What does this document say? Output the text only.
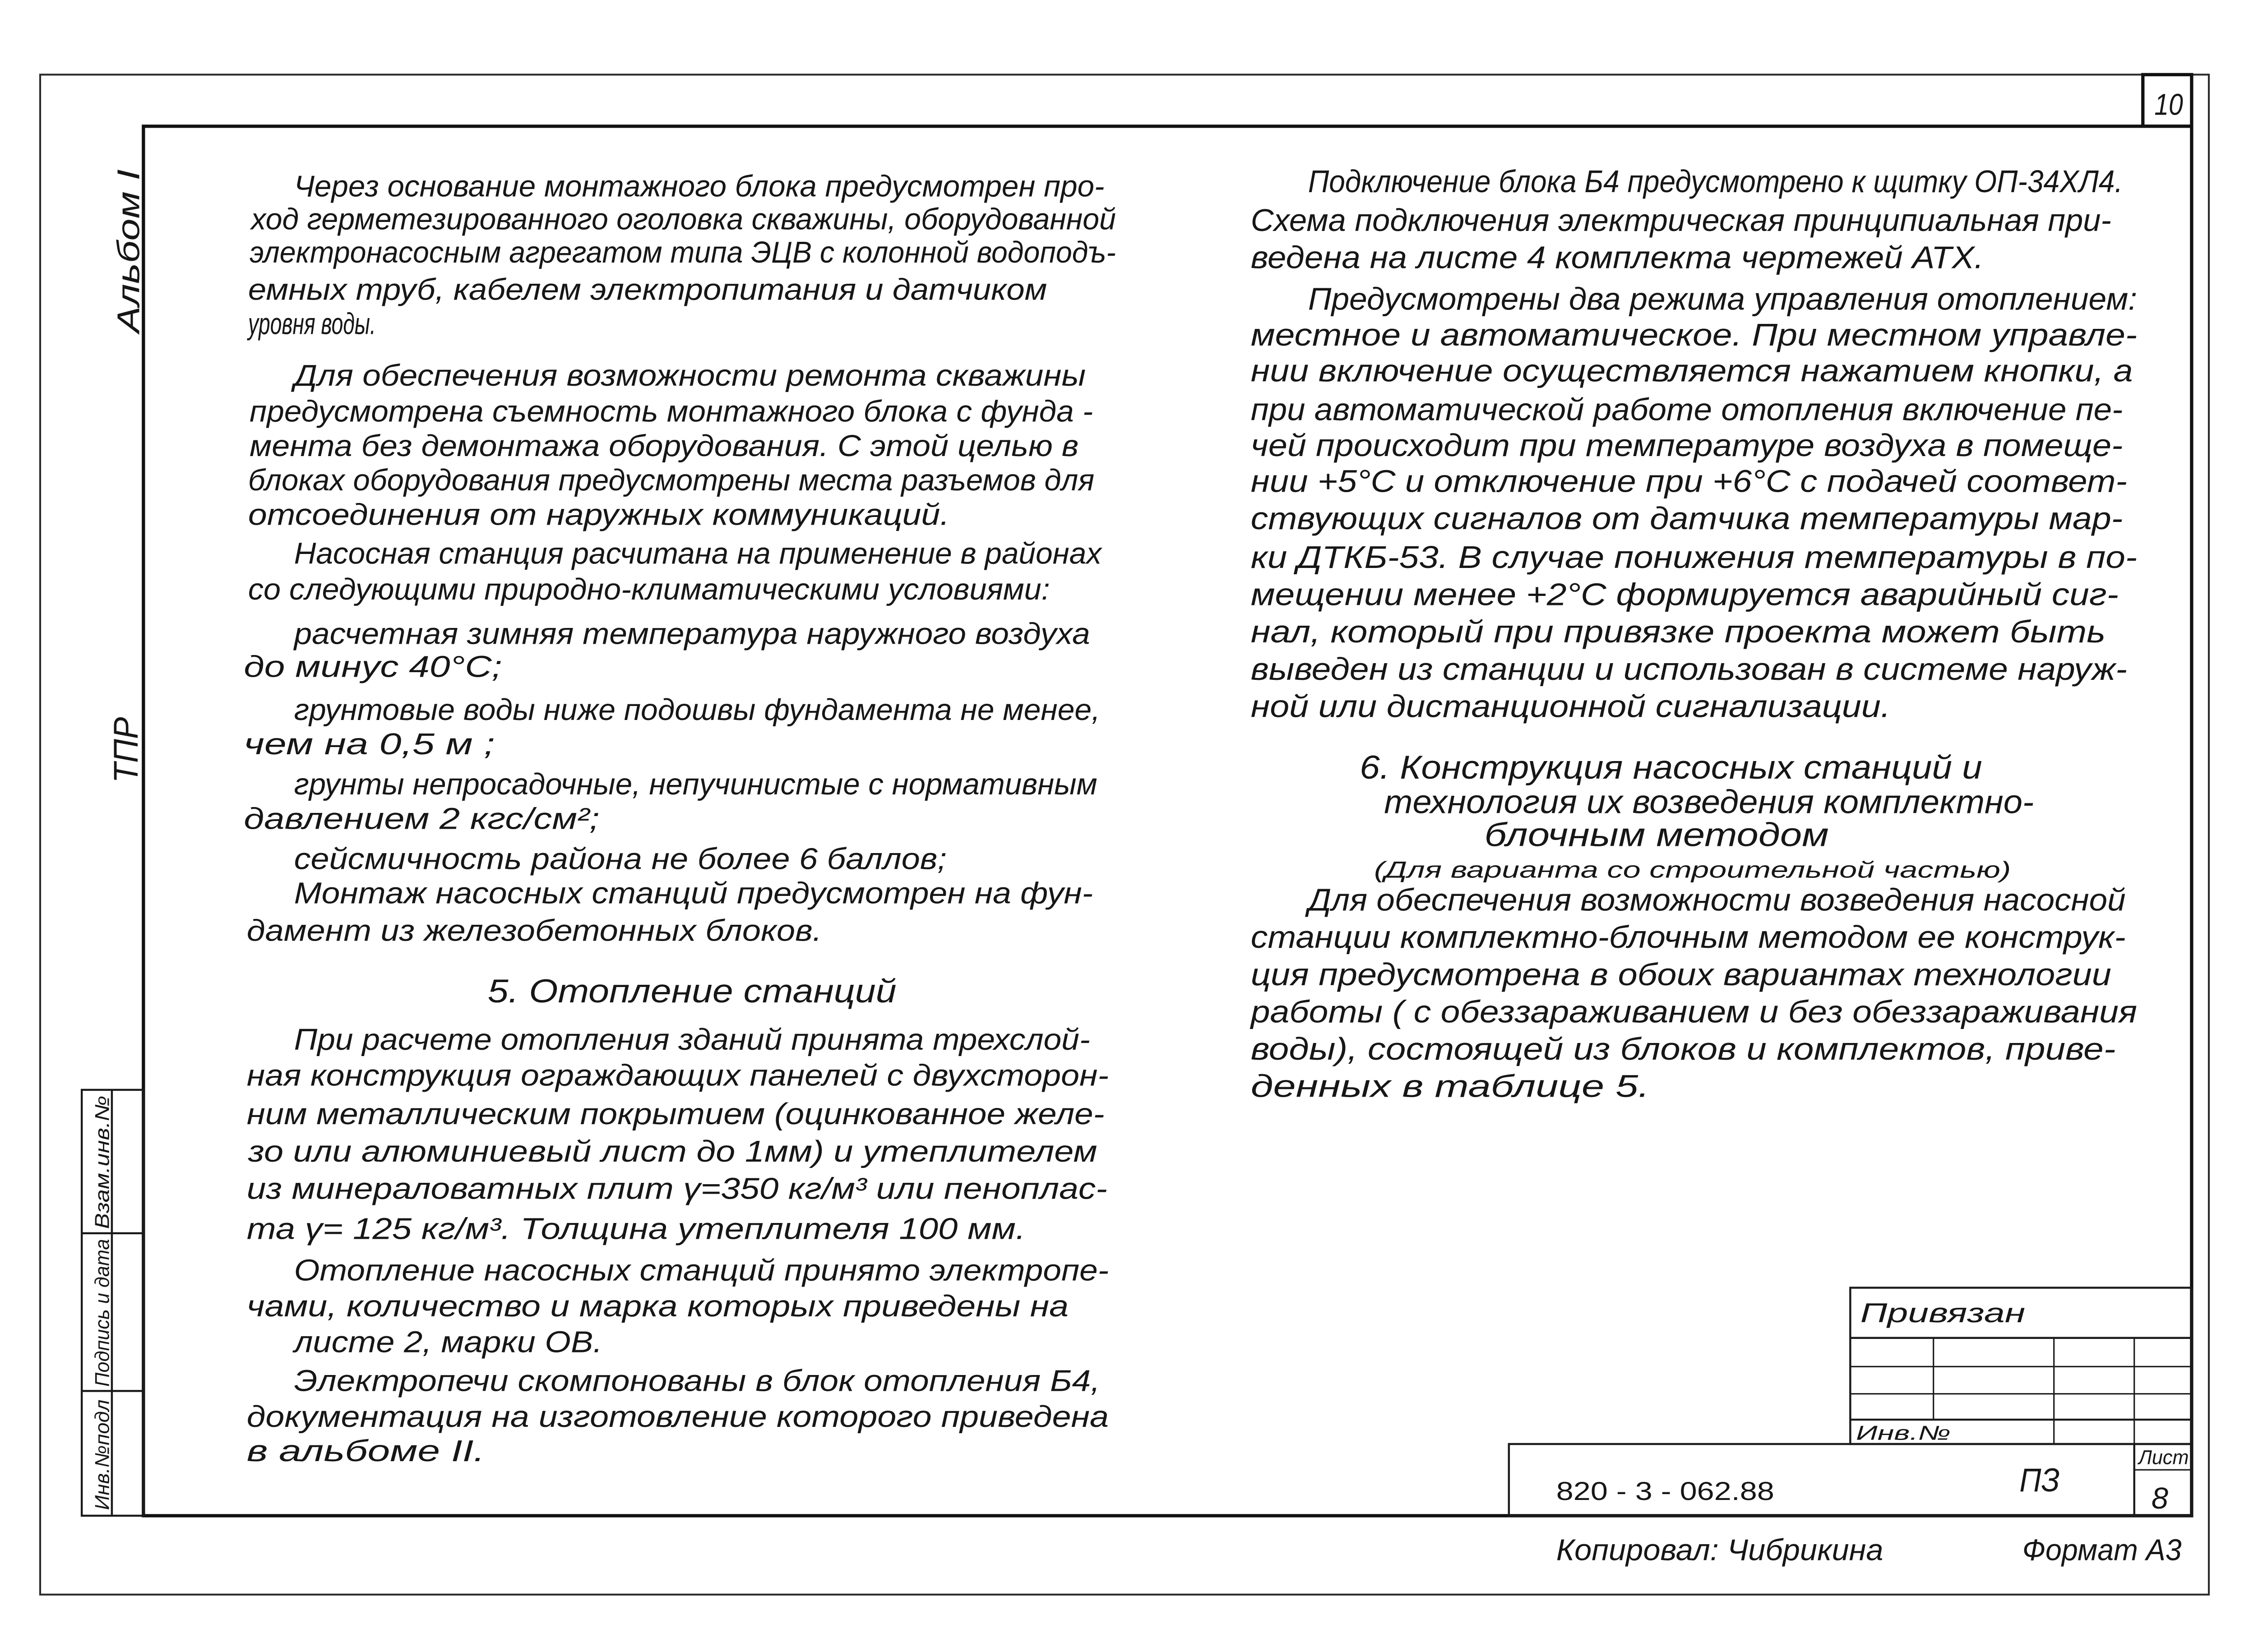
10
Альбом I
ТПР
Взам.инв.№
Подпись и дата
Инв.№подл
Через основание монтажного блока предусмотрен про-
ход герметезированного оголовка скважины, оборудованной
электронасосным агрегатом типа ЭЦВ с колонной водоподъ-
емных труб, кабелем электропитания и датчиком
уровня воды.
Для обеспечения возможности ремонта скважины
предусмотрена съемность монтажного блока с фунда -
мента без демонтажа оборудования. С этой целью в
блоках оборудования предусмотрены места разъемов для
отсоединения от наружных коммуникаций.
Насосная станция расчитана на применение в районах
со следующими природно-климатическими условиями:
расчетная зимняя температура наружного воздуха
до минус 40°С;
грунтовые воды ниже подошвы фундамента не менее,
чем на 0,5 м ;
грунты непросадочные, непучинистые с нормативным
давлением 2 кгс/см²;
сейсмичность района не более 6 баллов;
Монтаж насосных станций предусмотрен на фун-
дамент из железобетонных блоков.
5. Отопление станций
При расчете отопления зданий принята трехслой-
ная конструкция ограждающих панелей с двухсторон-
ним металлическим покрытием (оцинкованное желе-
зо или алюминиевый лист до 1мм) и утеплителем
из минераловатных плит γ=350 кг/м³ или пеноплас-
та γ= 125 кг/м³. Толщина утеплителя 100 мм.
Отопление насосных станций принято электропе-
чами, количество и марка которых приведены на
листе 2, марки ОВ.
Электропечи скомпонованы в блок отопления Б4,
документация на изготовление которого приведена
в альбоме II.
Подключение блока Б4 предусмотрено к щитку ОП-34ХЛ4.
Схема подключения электрическая принципиальная при-
ведена на листе 4 комплекта чертежей АТХ.
Предусмотрены два режима управления отоплением:
местное и автоматическое. При местном управле-
нии включение осуществляется нажатием кнопки, а
при автоматической работе отопления включение пе-
чей происходит при температуре воздуха в помеще-
нии +5°С и отключение при +6°С с подачей соответ-
ствующих сигналов от датчика температуры мар-
ки ДТКБ-53. В случае понижения температуры в по-
мещении менее +2°С формируется аварийный сиг-
нал, который при привязке проекта может быть
выведен из станции и использован в системе наруж-
ной или дистанционной сигнализации.
6. Конструкция насосных станций и
технология их возведения комплектно-
блочным методом
(Для варианта со строительной частью)
Для обеспечения возможности возведения насосной
станции комплектно-блочным методом ее конструк-
ция предусмотрена в обоих вариантах технологии
работы ( с обеззараживанием и без обеззараживания
воды), состоящей из блоков и комплектов, приве-
денных в таблице 5.
Привязан
Инв.№
820 - 3 - 062.88	ПЗ
Лист
8
Копировал: Чибрикина	Формат А3
